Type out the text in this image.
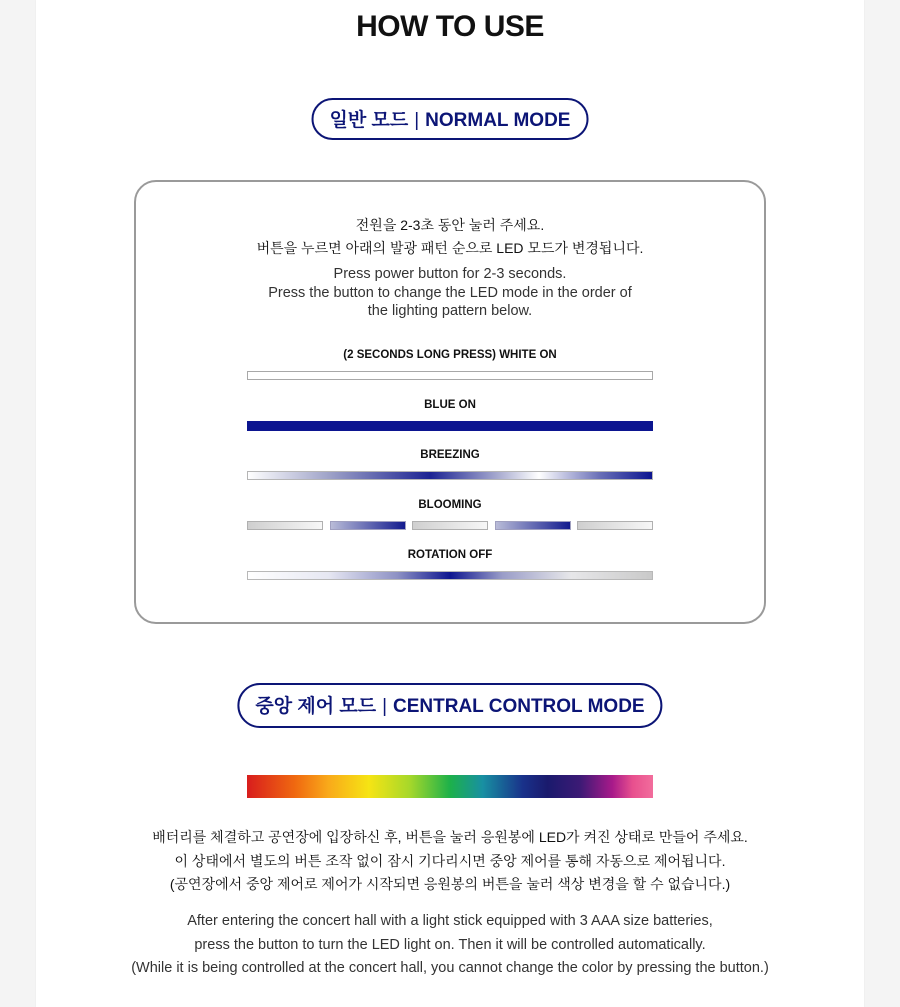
HOW TO USE
일반 모드 | NORMAL MODE
전원을 2-3초 동안 눌러 주세요.
버튼을 누르면 아래의 발광 패턴 순으로 LED 모드가 변경됩니다.
Press power button for 2-3 seconds.
Press the button to change the LED mode in the order of
the lighting pattern below.
(2 SECONDS LONG PRESS) WHITE ON
BLUE ON
BREEZING
BLOOMING
ROTATION OFF
중앙 제어 모드 | CENTRAL CONTROL MODE
배터리를 체결하고 공연장에 입장하신 후, 버튼을 눌러 응원봉에 LED가 켜진 상태로 만들어 주세요.
이 상태에서 별도의 버튼 조작 없이 잠시 기다리시면 중앙 제어를 통해 자동으로 제어됩니다.
(공연장에서 중앙 제어로 제어가 시작되면 응원봉의 버튼을 눌러 색상 변경을 할 수 없습니다.)
After entering the concert hall with a light stick equipped with 3 AAA size batteries,
press the button to turn the LED light on. Then it will be controlled automatically.
(While it is being controlled at the concert hall, you cannot change the color by pressing the button.)
